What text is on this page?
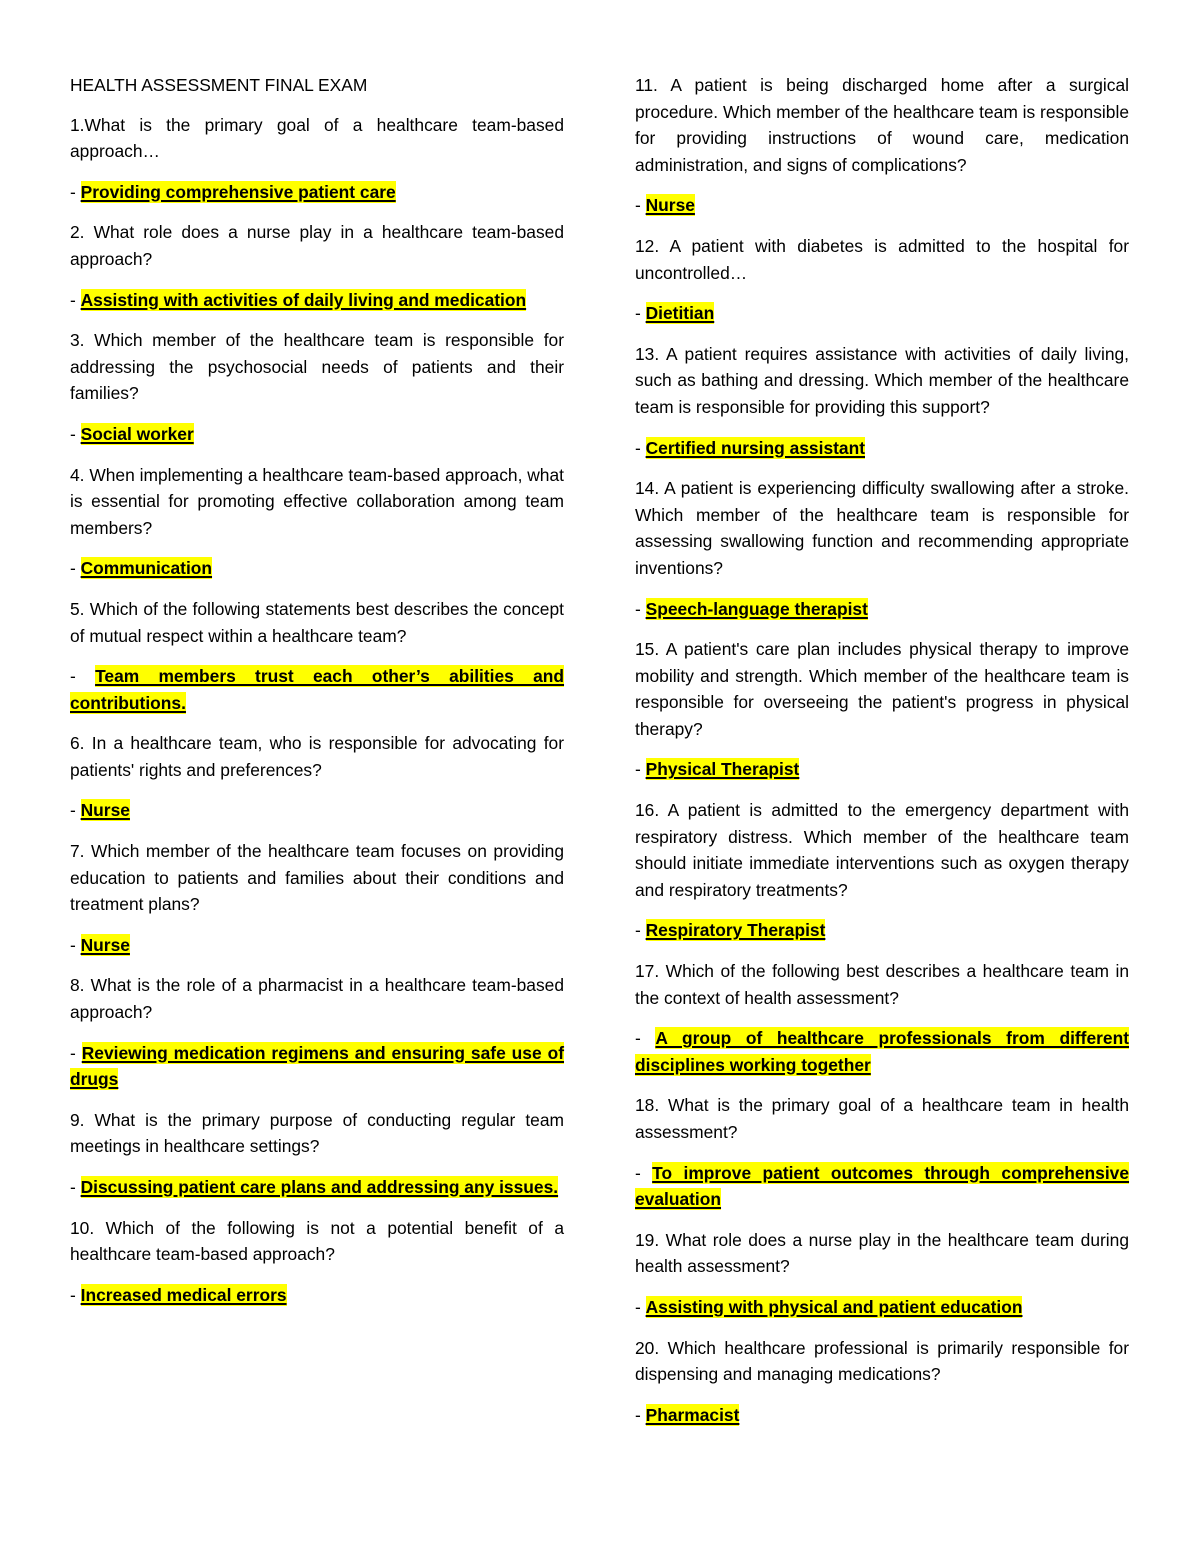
HEALTH ASSESSMENT FINAL EXAM

1.What is the primary goal of a healthcare team-based approach…

- Providing comprehensive patient care

2. What role does a nurse play in a healthcare team-based approach?

- Assisting with activities of daily living and medication

3. Which member of the healthcare team is responsible for addressing the psychosocial needs of patients and their families?

- Social worker

4. When implementing a healthcare team-based approach, what is essential for promoting effective collaboration among team members?

- Communication

5. Which of the following statements best describes the concept of mutual respect within a healthcare team?

- Team members trust each other’s abilities and contributions.

6. In a healthcare team, who is responsible for advocating for patients' rights and preferences?

- Nurse

7. Which member of the healthcare team focuses on providing education to patients and families about their conditions and treatment plans?

- Nurse

8. What is the role of a pharmacist in a healthcare team-based approach?

- Reviewing medication regimens and ensuring safe use of drugs

9. What is the primary purpose of conducting regular team meetings in healthcare settings?

- Discussing patient care plans and addressing any issues.

10. Which of the following is not a potential benefit of a healthcare team-based approach?

- Increased medical errors

11. A patient is being discharged home after a surgical procedure. Which member of the healthcare team is responsible for providing instructions of wound care, medication administration, and signs of complications?

- Nurse

12. A patient with diabetes is admitted to the hospital for uncontrolled…

- Dietitian

13. A patient requires assistance with activities of daily living, such as bathing and dressing. Which member of the healthcare team is responsible for providing this support?

- Certified nursing assistant

14. A patient is experiencing difficulty swallowing after a stroke. Which member of the healthcare team is responsible for assessing swallowing function and recommending appropriate inventions?

- Speech-language therapist

15. A patient's care plan includes physical therapy to improve mobility and strength. Which member of the healthcare team is responsible for overseeing the patient's progress in physical therapy?

- Physical Therapist

16. A patient is admitted to the emergency department with respiratory distress. Which member of the healthcare team should initiate immediate interventions such as oxygen therapy and respiratory treatments?

- Respiratory Therapist

17. Which of the following best describes a healthcare team in the context of health assessment?

- A group of healthcare professionals from different disciplines working together

18. What is the primary goal of a healthcare team in health assessment?

- To improve patient outcomes through comprehensive evaluation

19. What role does a nurse play in the healthcare team during health assessment?

- Assisting with physical and patient education

20. Which healthcare professional is primarily responsible for dispensing and managing medications?

- Pharmacist
